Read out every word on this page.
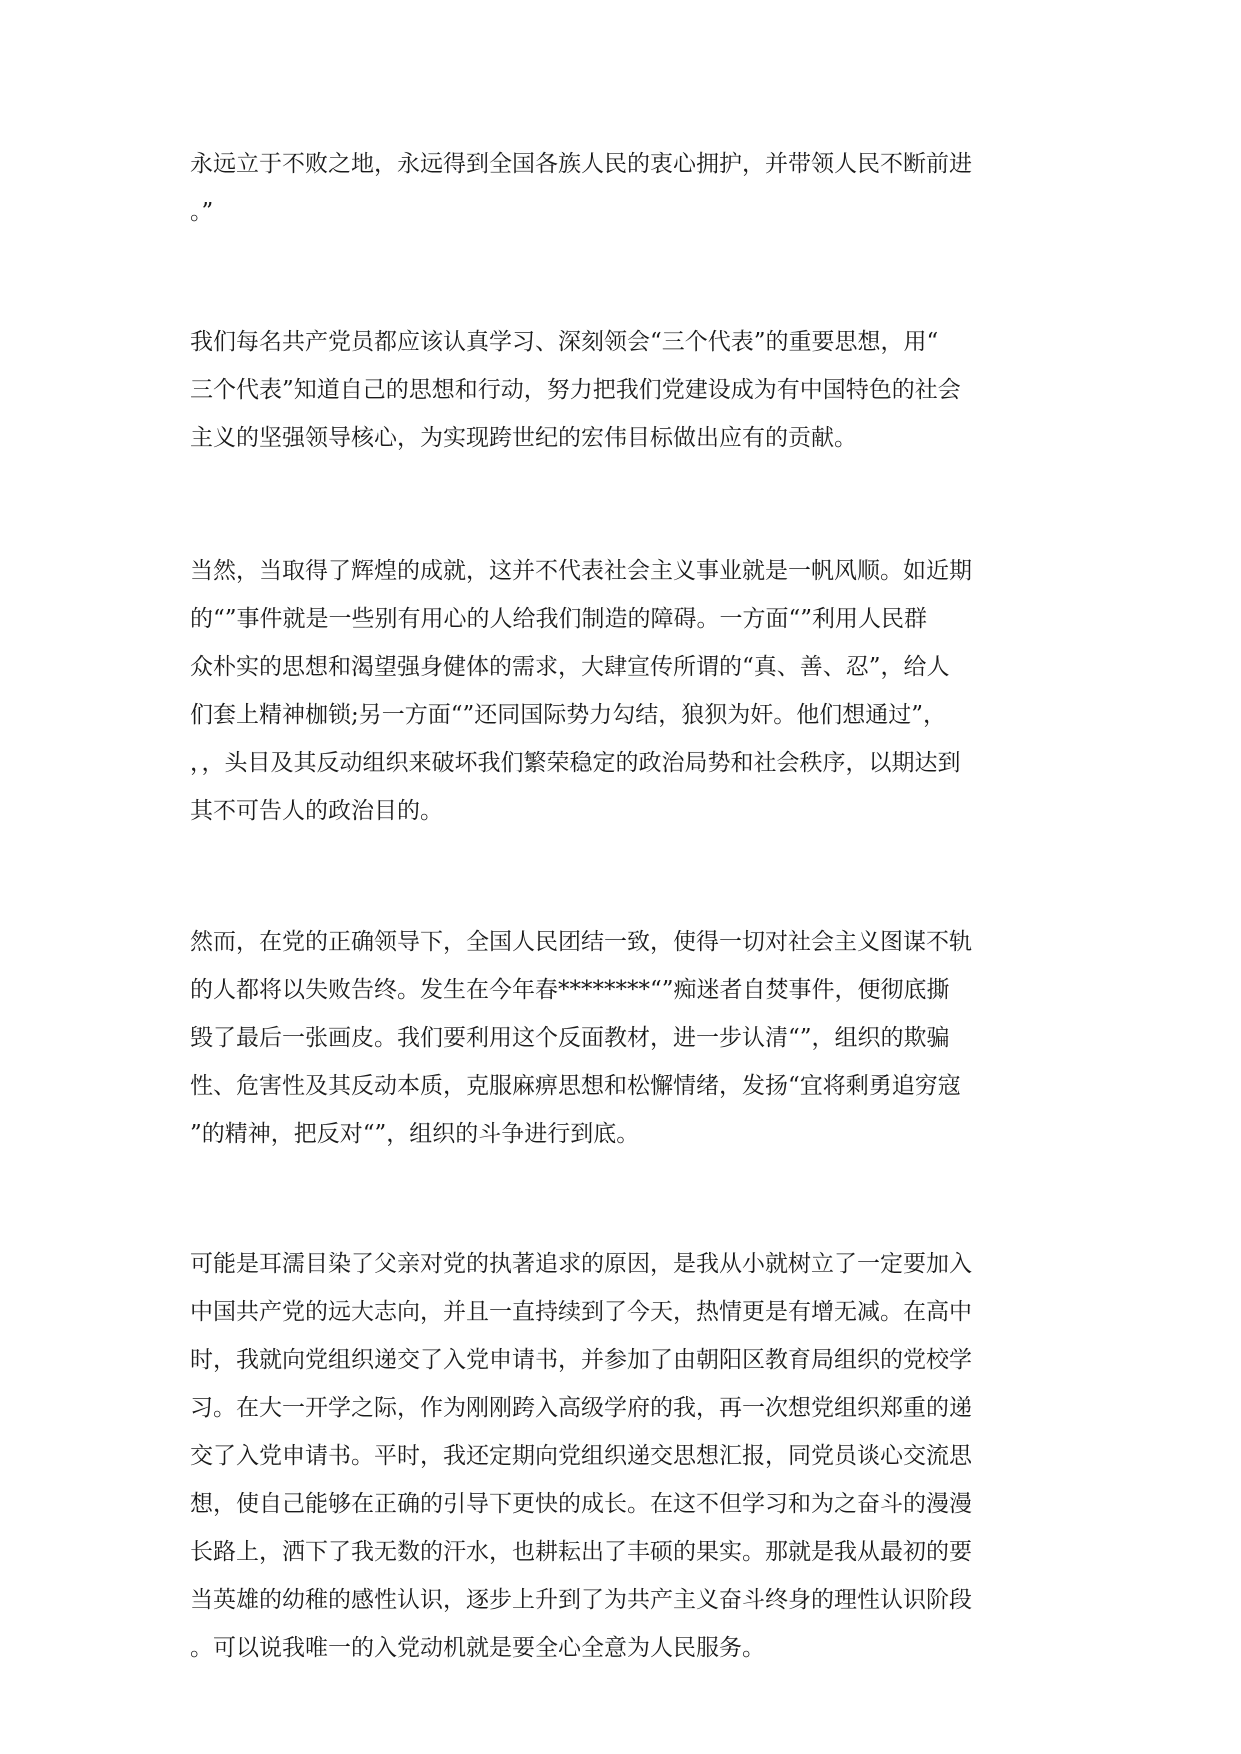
永远立于不败之地，永远得到全国各族人民的衷心拥护，并带领人民不断前进
。”
我们每名共产党员都应该认真学习、深刻领会“三个代表”的重要思想，用“
三个代表”知道自己的思想和行动，努力把我们党建设成为有中国特色的社会
主义的坚强领导核心，为实现跨世纪的宏伟目标做出应有的贡献。
当然，当取得了辉煌的成就，这并不代表社会主义事业就是一帆风顺。如近期
的“”事件就是一些别有用心的人给我们制造的障碍。一方面“”利用人民群
众朴实的思想和渴望强身健体的需求，大肆宣传所谓的“真、善、忍”，给人
们套上精神枷锁;另一方面“”还同国际势力勾结，狼狈为奸。他们想通过”，
，，头目及其反动组织来破坏我们繁荣稳定的政治局势和社会秩序，以期达到
其不可告人的政治目的。
然而，在党的正确领导下，全国人民团结一致，使得一切对社会主义图谋不轨
的人都将以失败告终。发生在今年春********“”痴迷者自焚事件，便彻底撕
毁了最后一张画皮。我们要利用这个反面教材，进一步认清“”，组织的欺骗
性、危害性及其反动本质，克服麻痹思想和松懈情绪，发扬“宜将剩勇追穷寇
”的精神，把反对“”，组织的斗争进行到底。
可能是耳濡目染了父亲对党的执著追求的原因，是我从小就树立了一定要加入
中国共产党的远大志向，并且一直持续到了今天，热情更是有增无减。在高中
时，我就向党组织递交了入党申请书，并参加了由朝阳区教育局组织的党校学
习。在大一开学之际，作为刚刚跨入高级学府的我，再一次想党组织郑重的递
交了入党申请书。平时，我还定期向党组织递交思想汇报，同党员谈心交流思
想，使自己能够在正确的引导下更快的成长。在这不但学习和为之奋斗的漫漫
长路上，洒下了我无数的汗水，也耕耘出了丰硕的果实。那就是我从最初的要
当英雄的幼稚的感性认识，逐步上升到了为共产主义奋斗终身的理性认识阶段
。可以说我唯一的入党动机就是要全心全意为人民服务。
